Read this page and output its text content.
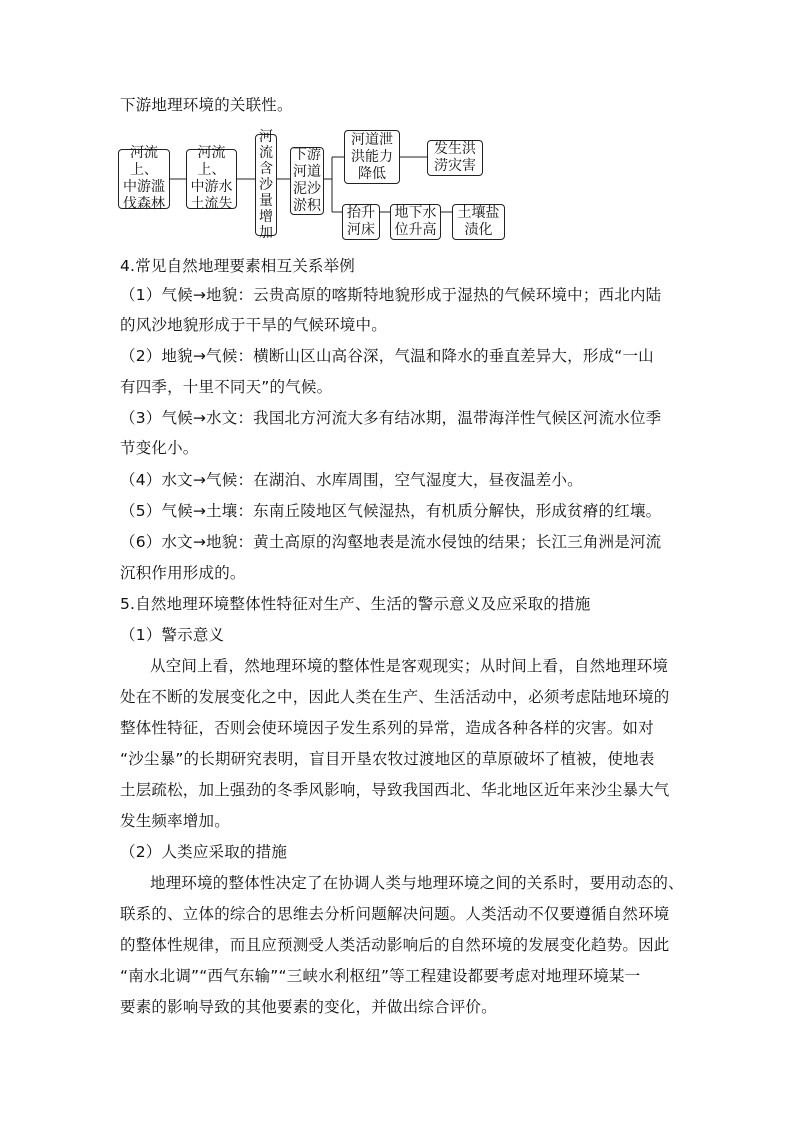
下游地理环境的关联性。
河流上、
中游滥
伐森林
河流上、
中游水
土流失
河
流
含
沙
量
增
加
下游
河道
泥沙
淤积
河道泄
洪能力
降低
发生洪
涝灾害
抬升
河床
地下水
位升高
土壤盐
渍化
4.常见自然地理要素相互关系举例
（1）气候→地貌：云贵高原的喀斯特地貌形成于湿热的气候环境中；西北内陆
的风沙地貌形成于干旱的气候环境中。
（2）地貌→气候：横断山区山高谷深，气温和降水的垂直差异大，形成“一山
有四季，十里不同天”的气候。
（3）气候→水文：我国北方河流大多有结冰期，温带海洋性气候区河流水位季
节变化小。
（4）水文→气候：在湖泊、水库周围，空气湿度大，昼夜温差小。
（5）气候→土壤：东南丘陵地区气候湿热，有机质分解快，形成贫瘠的红壤。
（6）水文→地貌：黄土高原的沟壑地表是流水侵蚀的结果；长江三角洲是河流
沉积作用形成的。
5.自然地理环境整体性特征对生产、生活的警示意义及应采取的措施
（1）警示意义
从空间上看，然地理环境的整体性是客观现实；从时间上看，自然地理环境
处在不断的发展变化之中，因此人类在生产、生活活动中，必须考虑陆地环境的
整体性特征，否则会使环境因子发生系列的异常，造成各种各样的灾害。如对
“沙尘暴”的长期研究表明，盲目开垦农牧过渡地区的草原破坏了植被，使地表
土层疏松，加上强劲的冬季风影响，导致我国西北、华北地区近年来沙尘暴大气
发生频率增加。
（2）人类应采取的措施
地理环境的整体性决定了在协调人类与地理环境之间的关系时，要用动态的、
联系的、立体的综合的思维去分析问题解决问题。人类活动不仅要遵循自然环境
的整体性规律，而且应预测受人类活动影响后的自然环境的发展变化趋势。因此
“南水北调”“西气东输”“三峡水利枢纽”等工程建设都要考虑对地理环境某一
要素的影响导致的其他要素的变化，并做出综合评价。
